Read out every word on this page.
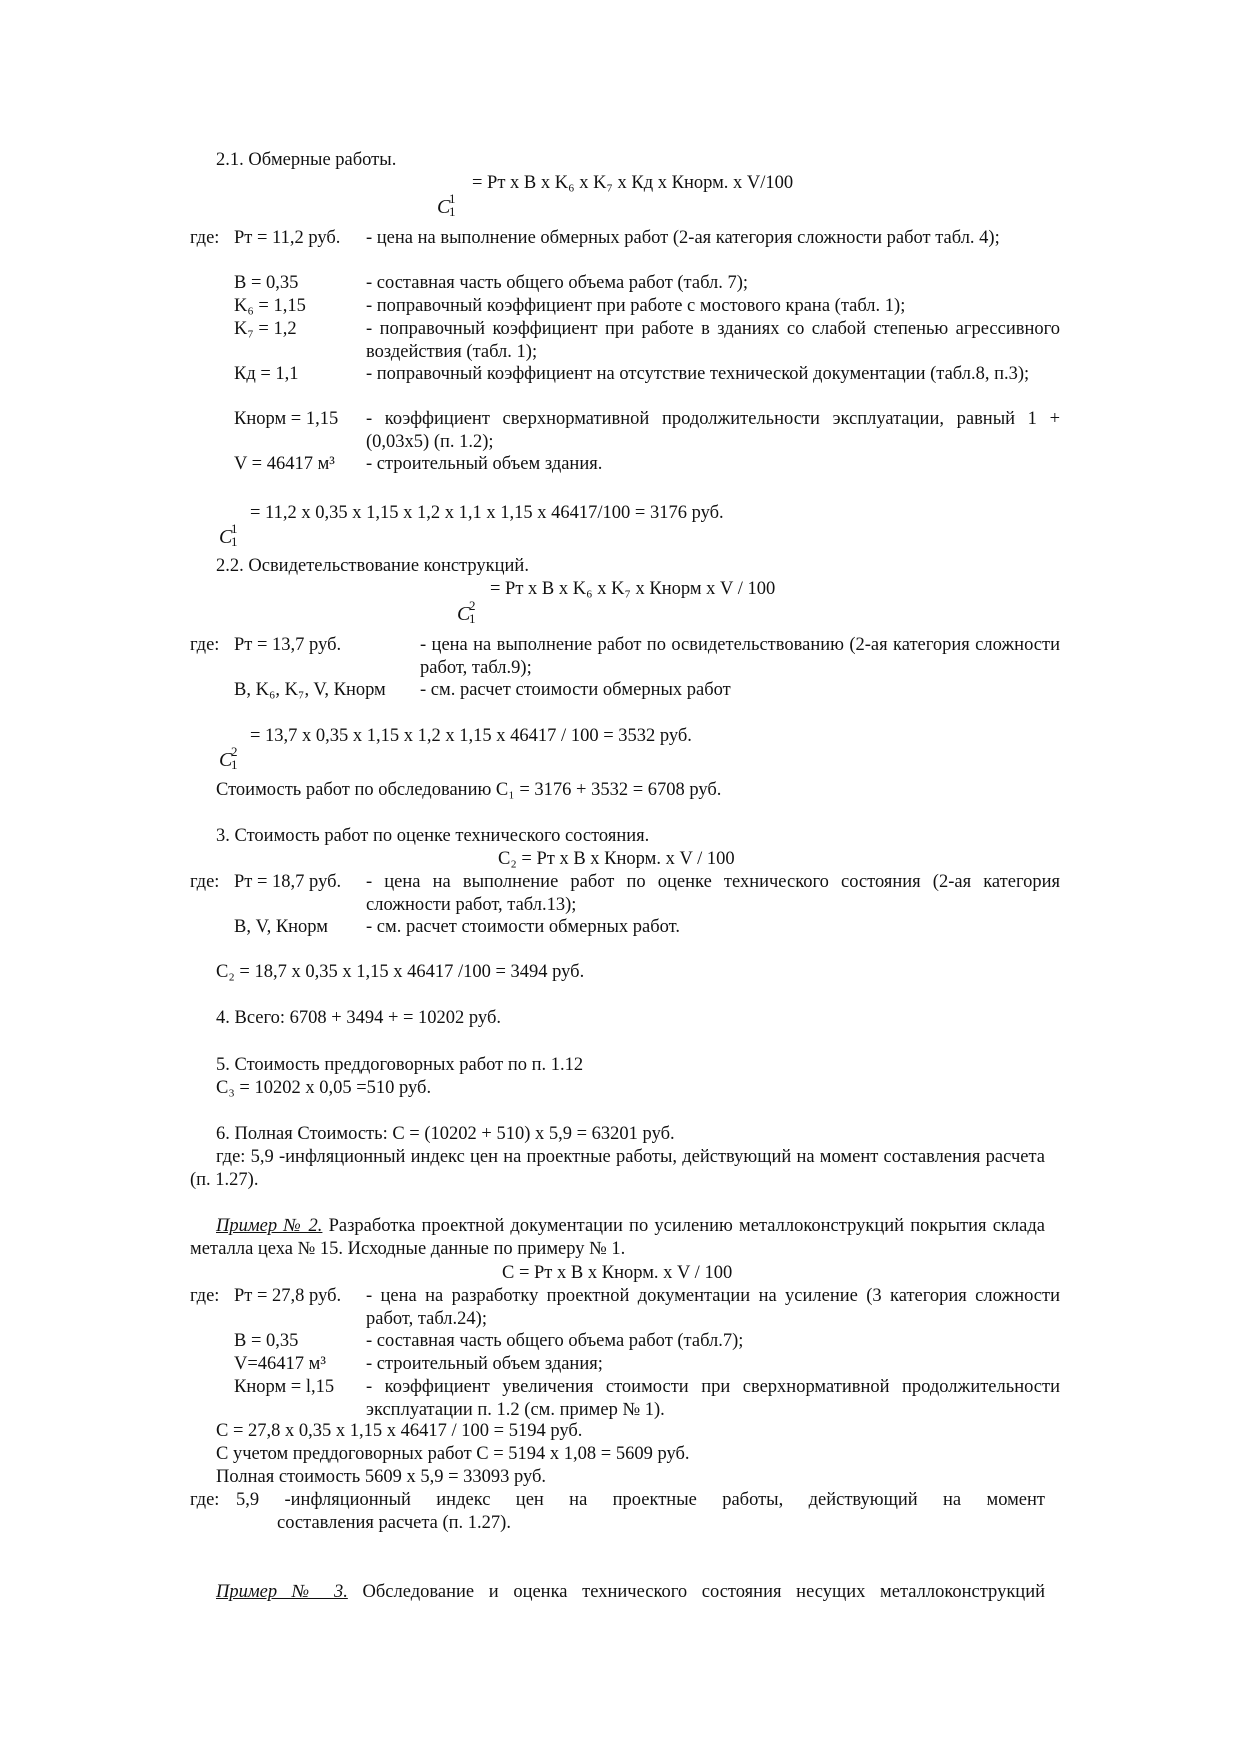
2.1. Обмерные работы.
= Рт х В х K₆ х K₇ х Кд х Кнорм. х V/100
C
1
1
где: Рт = 11,2 руб. - цена на выполнение обмерных работ (2-ая категория сложности работ табл. 4);
В = 0,35	- составная часть общего объема работ (табл. 7);
K₆ = 1,15	- поправочный коэффициент при работе с мостового крана (табл. 1);
K₇ = 1,2	- поправочный коэффициент при работе в зданиях со слабой степенью агрессивного воздействия (табл. 1);
Кд = 1,1	- поправочный коэффициент на отсутствие технической документации (табл.8, п.3);
Кнорм = 1,15 - коэффициент сверхнормативной продолжительности эксплуатации, равный 1 + (0,03х5) (п. 1.2);
V = 46417 м³ - строительный объем здания.
= 11,2 х 0,35 х 1,15 х 1,2 х 1,1 х 1,15 х 46417/100 = 3176 руб.
C
1
1
2.2. Освидетельствование конструкций.
= Рт х В х K₆ х K₇ х Кнорм х V / 100
C
2
1
где: Рт = 13,7 руб.	- цена на выполнение работ по освидетельствованию (2-ая категория сложности работ, табл.9);
В, K₆, K₇, V, Кнорм - см. расчет стоимости обмерных работ
= 13,7 х 0,35 х 1,15 х 1,2 х 1,15 х 46417 / 100 = 3532 руб.
C
2
1
Стоимость работ по обследованию C₁ = 3176 + 3532 = 6708 руб.
3. Стоимость работ по оценке технического состояния.
C₂ = Рт х В х Кнорм. х V / 100
где: Рт = 18,7 руб. - цена на выполнение работ по оценке технического состояния (2-ая категория сложности работ, табл.13);
В, V, Кнорм - см. расчет стоимости обмерных работ.
C₂ = 18,7 х 0,35 х 1,15 х 46417 /100 = 3494 руб.
4. Всего: 6708 + 3494 + = 10202 руб.
5. Стоимость преддоговорных работ по п. 1.12
C₃ = 10202 х 0,05 =510 руб.
6. Полная Стоимость: С = (10202 + 510) х 5,9 = 63201 руб.
где: 5,9 -инфляционный индекс цен на проектные работы, действующий на момент составления расчета (п. 1.27).
Пример № 2. Разработка проектной документации по усилению металлоконструкций покрытия склада металла цеха № 15. Исходные данные по примеру № 1.
С = Рт х В х Кнорм. х V / 100
где: Рт = 27,8 руб. - цена на разработку проектной документации на усиление (3 категория сложности работ, табл.24);
В = 0,35	- составная часть общего объема работ (табл.7);
V=46417 м³ - строительный объем здания;
Кнорм = l,15 - коэффициент увеличения стоимости при сверхнормативной продолжительности эксплуатации п. 1.2 (см. пример № 1).
С = 27,8 х 0,35 х 1,15 х 46417 / 100 = 5194 руб.
С учетом преддоговорных работ С = 5194 х 1,08 = 5609 руб.
Полная стоимость 5609 х 5,9 = 33093 руб.
где: 5,9 -инфляционный индекс цен на проектные работы, действующий на момент
составления расчета (п. 1.27).
Пример № 3. Обследование и оценка технического состояния несущих металлоконструкций
